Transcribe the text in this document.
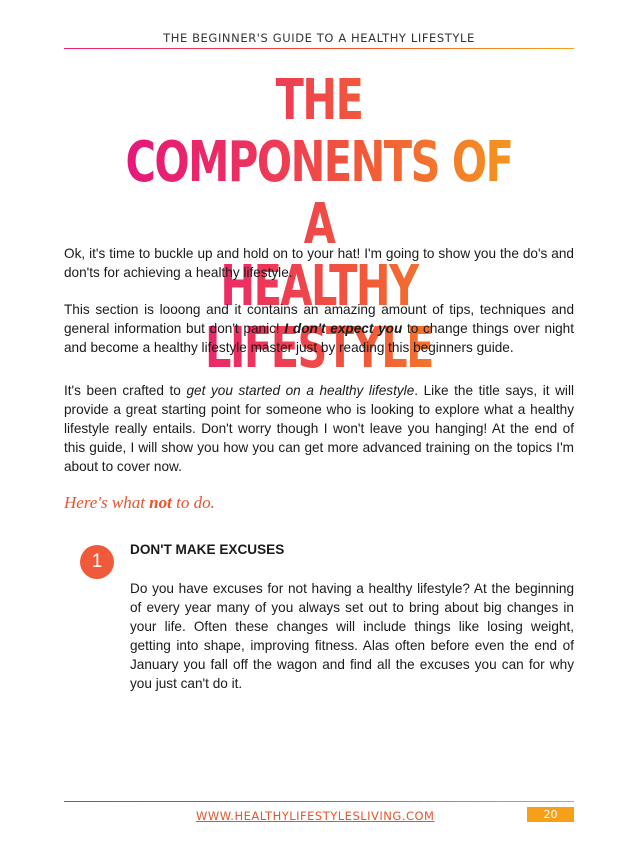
THE BEGINNER'S GUIDE TO A HEALTHY LIFESTYLE
THE COMPONENTS OF A
HEALTHY LIFESTYLE

Ok, it's time to buckle up and hold on to your hat! I'm going to show you the do's and don'ts for achieving a healthy lifestyle.

This section is looong and it contains an amazing amount of tips, techniques and general information but don't panic! I don't expect you to change things over night and become a healthy lifestyle master just by reading this beginners guide.

It's been crafted to get you started on a healthy lifestyle. Like the title says, it will provide a great starting point for someone who is looking to explore what a healthy lifestyle really entails. Don't worry though I won't leave you hanging! At the end of this guide, I will show you how you can get more advanced training on the topics I'm about to cover now.

Here's what not to do.
1
DON'T MAKE EXCUSES

Do you have excuses for not having a healthy lifestyle? At the beginning of every year many of you always set out to bring about big changes in your life. Often these changes will include things like losing weight, getting into shape, improving fitness. Alas often before even the end of January you fall off the wagon and find all the excuses you can for why you just can't do it.

WWW.HEALTHYLIFESTYLESLIVING.COM	20
